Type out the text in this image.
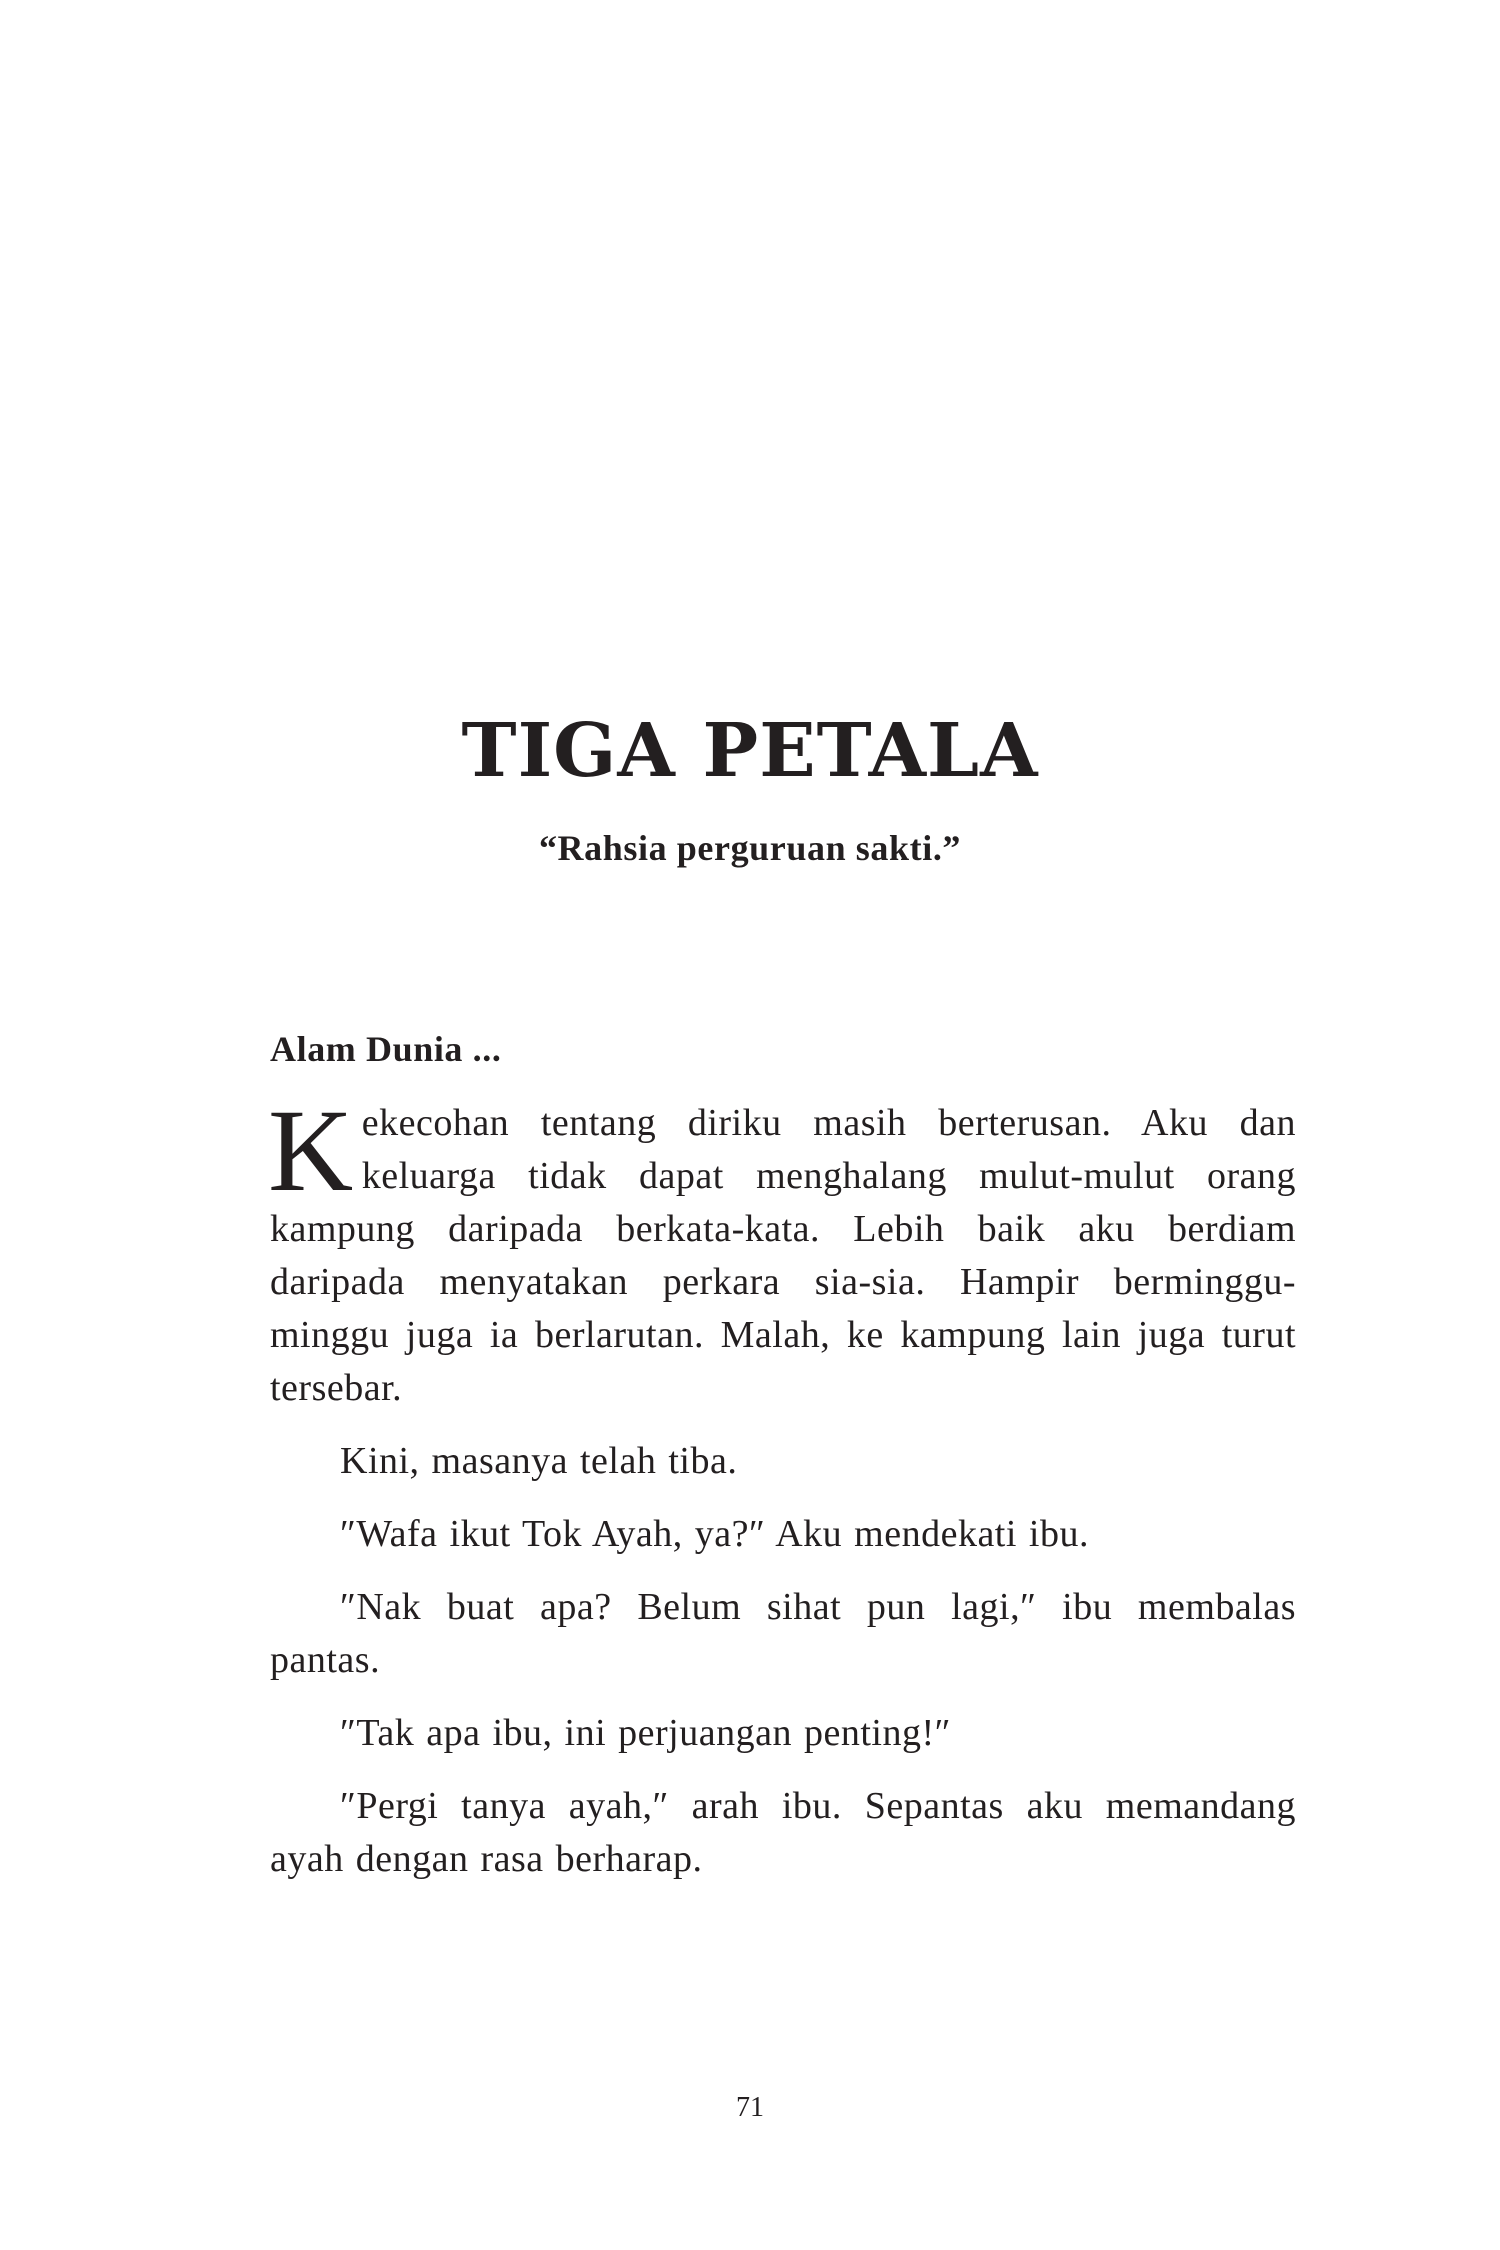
TIGA PETALA
“Rahsia perguruan sakti.”
Alam Dunia ...

Kekecohan tentang diriku masih berterusan. Aku dan keluarga tidak dapat menghalang mulut-mulut orang kampung daripada berkata-kata. Lebih baik aku berdiam daripada menyatakan perkara sia-sia. Hampir berminggu-minggu juga ia berlarutan. Malah, ke kampung lain juga turut tersebar.

Kini, masanya telah tiba.

″Wafa ikut Tok Ayah, ya?″ Aku mendekati ibu.

″Nak buat apa? Belum sihat pun lagi,″ ibu membalas pantas.

″Tak apa ibu, ini perjuangan penting!″

″Pergi tanya ayah,″ arah ibu. Sepantas aku memandang ayah dengan rasa berharap.

71
